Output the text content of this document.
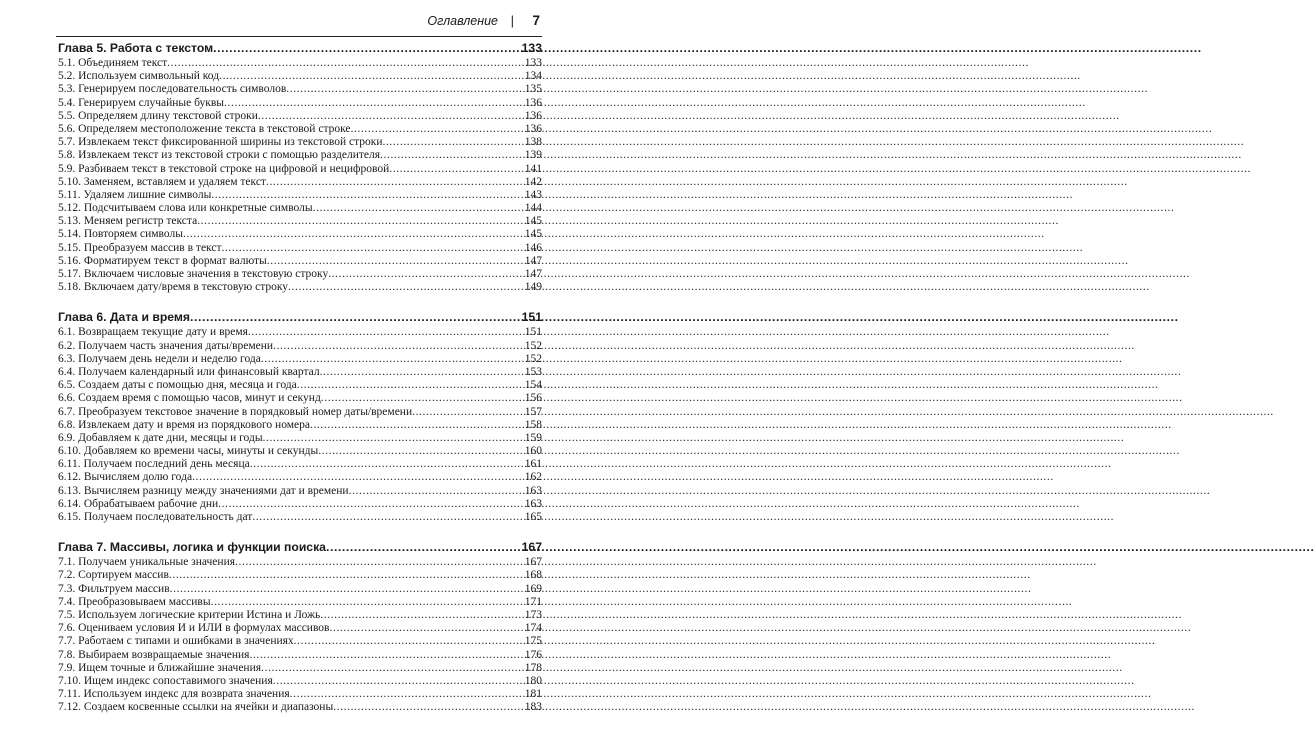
Оглавление | 7
Глава 5. Работа с текстом .....	133
5.1. Объединяем текст .....	133
5.2. Используем символьный код .....	134
5.3. Генерируем последовательность символов .....	135
5.4. Генерируем случайные буквы .....	136
5.5. Определяем длину текстовой строки .....	136
5.6. Определяем местоположение текста в текстовой строке .....	136
5.7. Извлекаем текст фиксированной ширины из текстовой строки .....	138
5.8. Извлекаем текст из текстовой строки с помощью разделителя .....	139
5.9. Разбиваем текст в текстовой строке на цифровой и нецифровой .....	141
5.10. Заменяем, вставляем и удаляем текст .....	142
5.11. Удаляем лишние символы .....	143
5.12. Подсчитываем слова или конкретные символы .....	144
5.13. Меняем регистр текста .....	145
5.14. Повторяем символы .....	145
5.15. Преобразуем массив в текст .....	146
5.16. Форматируем текст в формат валюты .....	147
5.17. Включаем числовые значения в текстовую строку .....	147
5.18. Включаем дату/время в текстовую строку .....	149
Глава 6. Дата и время .....	151
6.1. Возвращаем текущие дату и время .....	151
6.2. Получаем часть значения даты/времени .....	152
6.3. Получаем день недели и неделю года .....	152
6.4. Получаем календарный или финансовый квартал .....	153
6.5. Создаем даты с помощью дня, месяца и года .....	154
6.6. Создаем время с помощью часов, минут и секунд .....	156
6.7. Преобразуем текстовое значение в порядковый номер даты/времени .....	157
6.8. Извлекаем дату и время из порядкового номера .....	158
6.9. Добавляем к дате дни, месяцы и годы .....	159
6.10. Добавляем ко времени часы, минуты и секунды .....	160
6.11. Получаем последний день месяца .....	161
6.12. Вычисляем долю года .....	162
6.13. Вычисляем разницу между значениями дат и времени .....	163
6.14. Обрабатываем рабочие дни .....	163
6.15. Получаем последовательность дат .....	165
Глава 7. Массивы, логика и функции поиска .....	167
7.1. Получаем уникальные значения .....	167
7.2. Сортируем массив .....	168
7.3. Фильтруем массив .....	169
7.4. Преобразовываем массивы .....	171
7.5. Используем логические критерии Истина и Ложь .....	173
7.6. Оцениваем условия И и ИЛИ в формулах массивов .....	174
7.7. Работаем с типами и ошибками в значениях .....	175
7.8. Выбираем возвращаемые значения .....	176
7.9. Ищем точные и ближайшие значения .....	178
7.10. Ищем индекс сопоставимого значения .....	180
7.11. Используем индекс для возврата значения .....	181
7.12. Создаем косвенные ссылки на ячейки и диапазоны .....	183
